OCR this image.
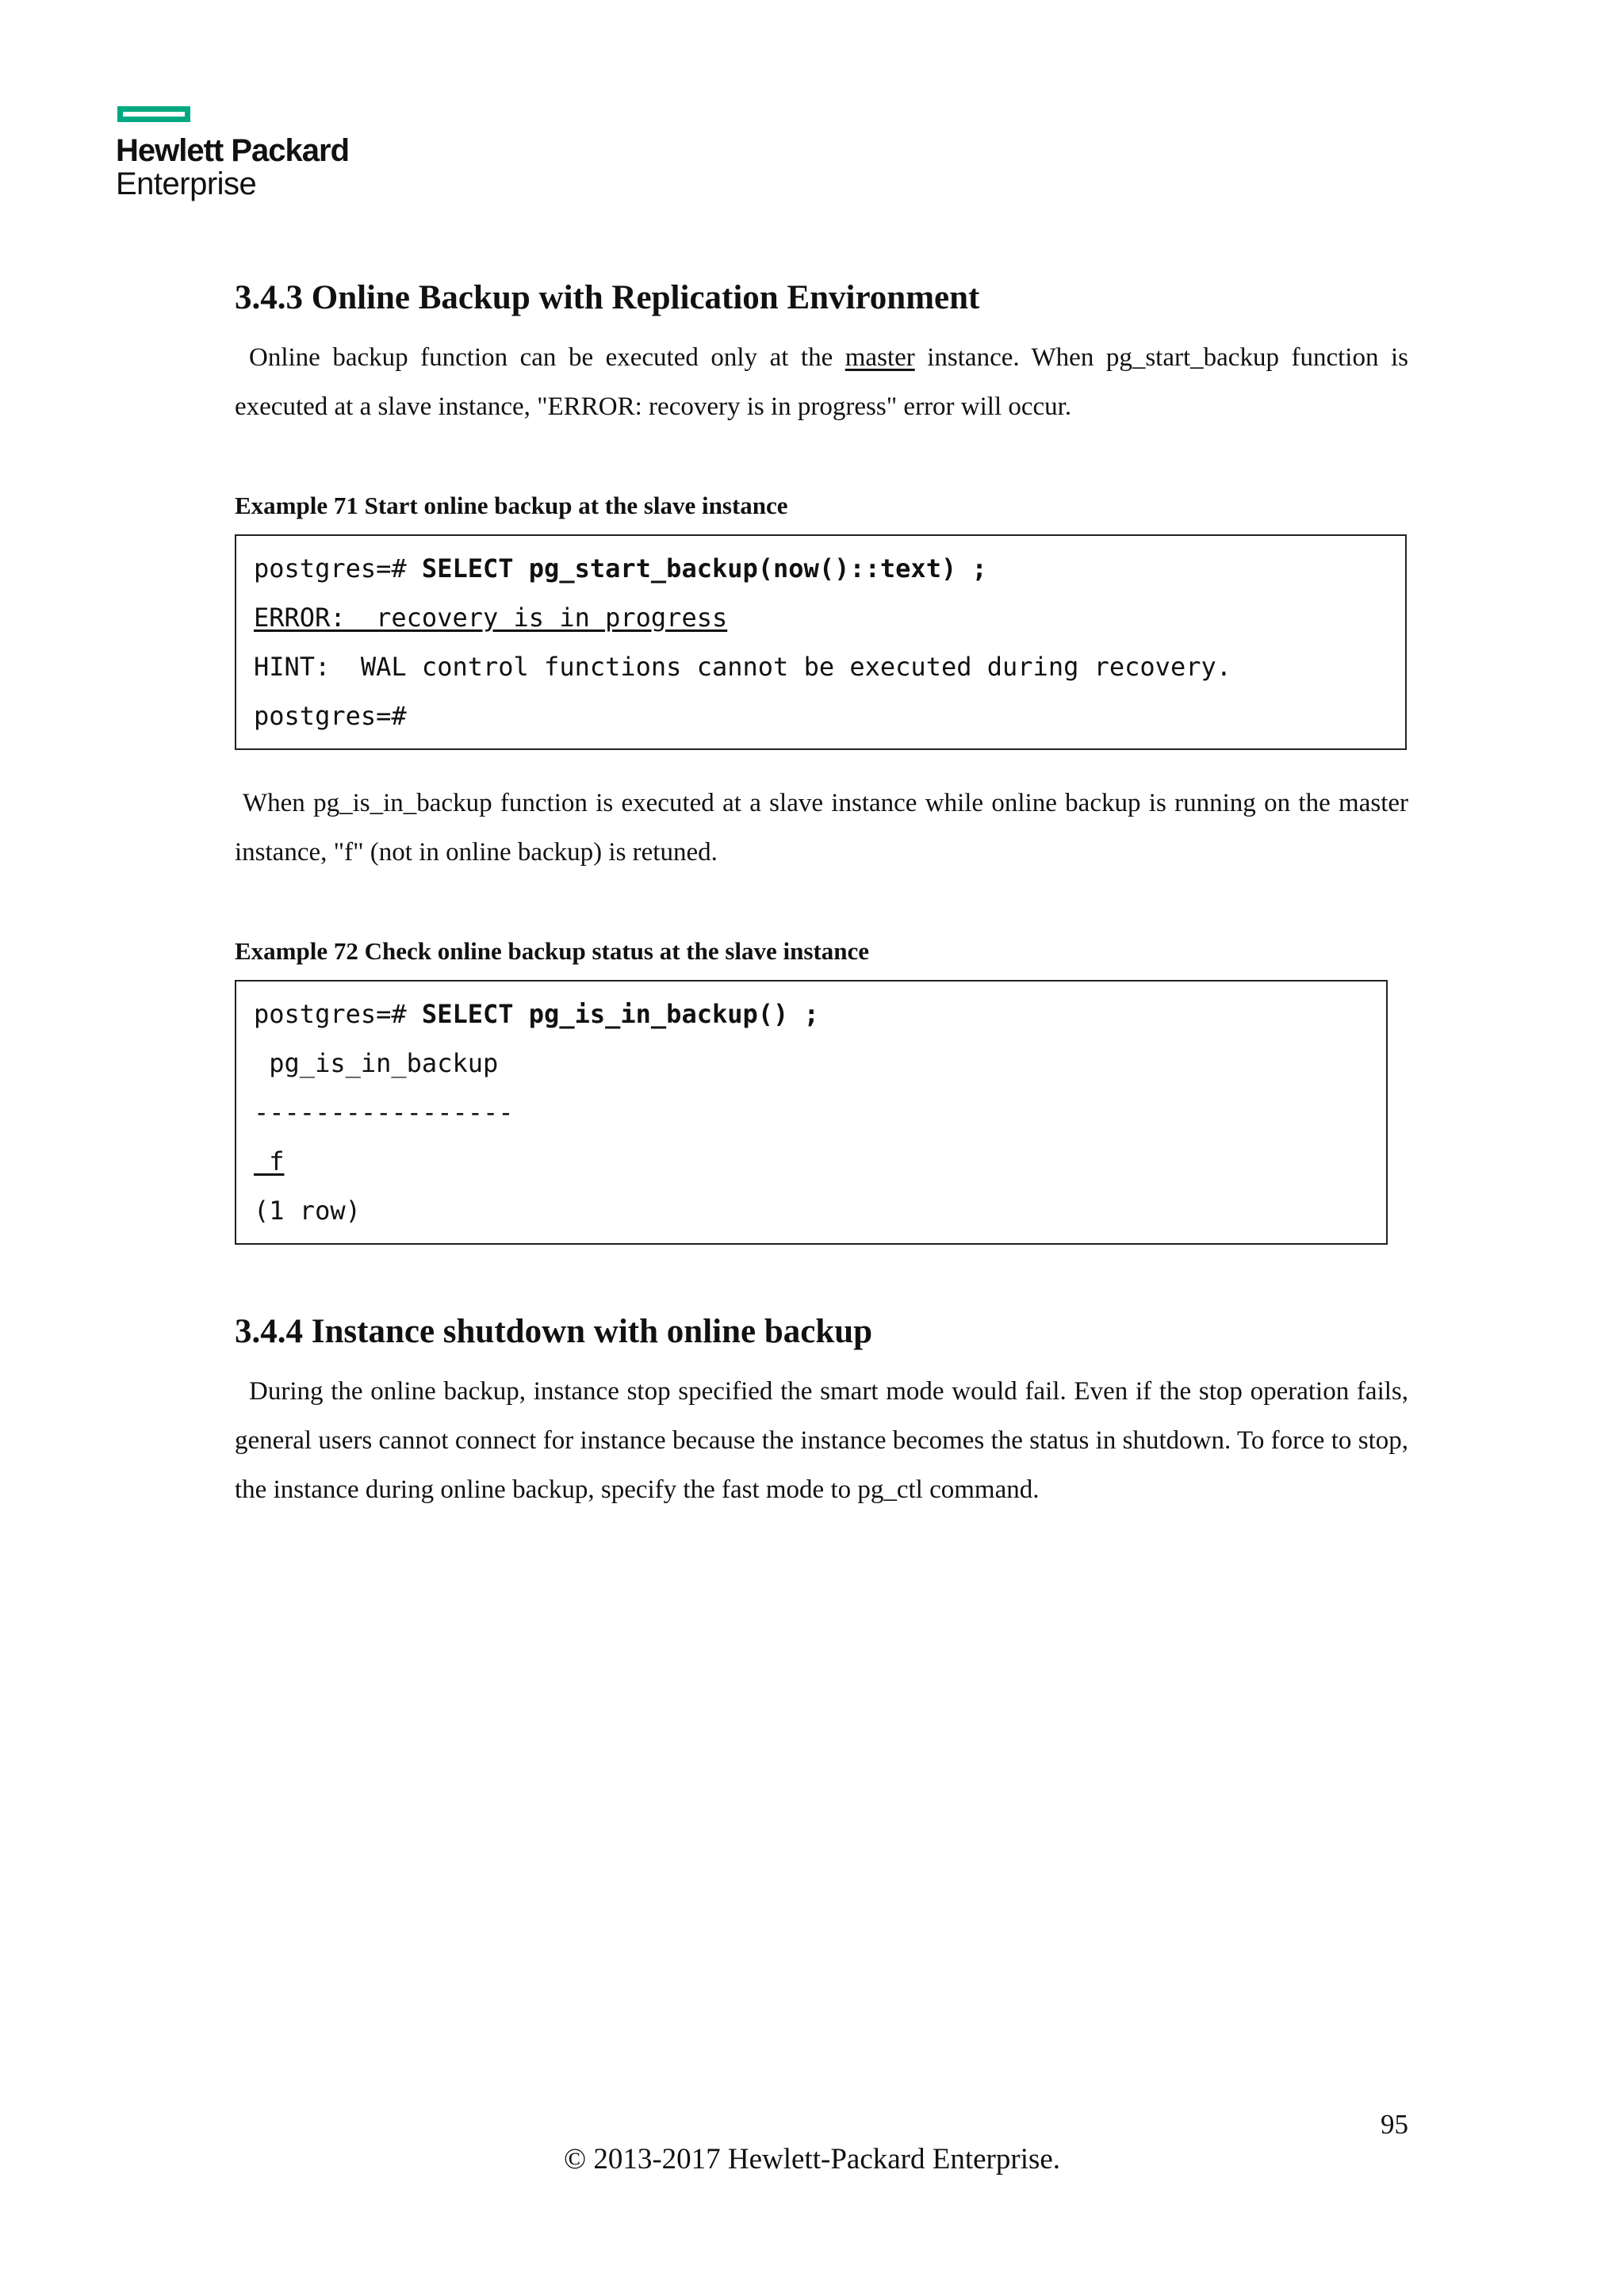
Hewlett Packard
Enterprise
3.4.3 Online Backup with Replication Environment

Online backup function can be executed only at the master instance. When pg_start_backup function is executed at a slave instance, "ERROR: recovery is in progress" error will occur.

Example 71 Start online backup at the slave instance

postgres=# SELECT pg_start_backup(now()::text) ;
ERROR:  recovery is in progress
HINT:  WAL control functions cannot be executed during recovery.
postgres=#

When pg_is_in_backup function is executed at a slave instance while online backup is running on the master instance, "f" (not in online backup) is retuned.

Example 72 Check online backup status at the slave instance

postgres=# SELECT pg_is_in_backup() ;
pg_is_in_backup
-----------------
f
(1 row)
3.4.4 Instance shutdown with online backup

During the online backup, instance stop specified the smart mode would fail. Even if the stop operation fails, general users cannot connect for instance because the instance becomes the status in shutdown. To force to stop, the instance during online backup, specify the fast mode to pg_ctl command.

95
© 2013-2017 Hewlett-Packard Enterprise.
